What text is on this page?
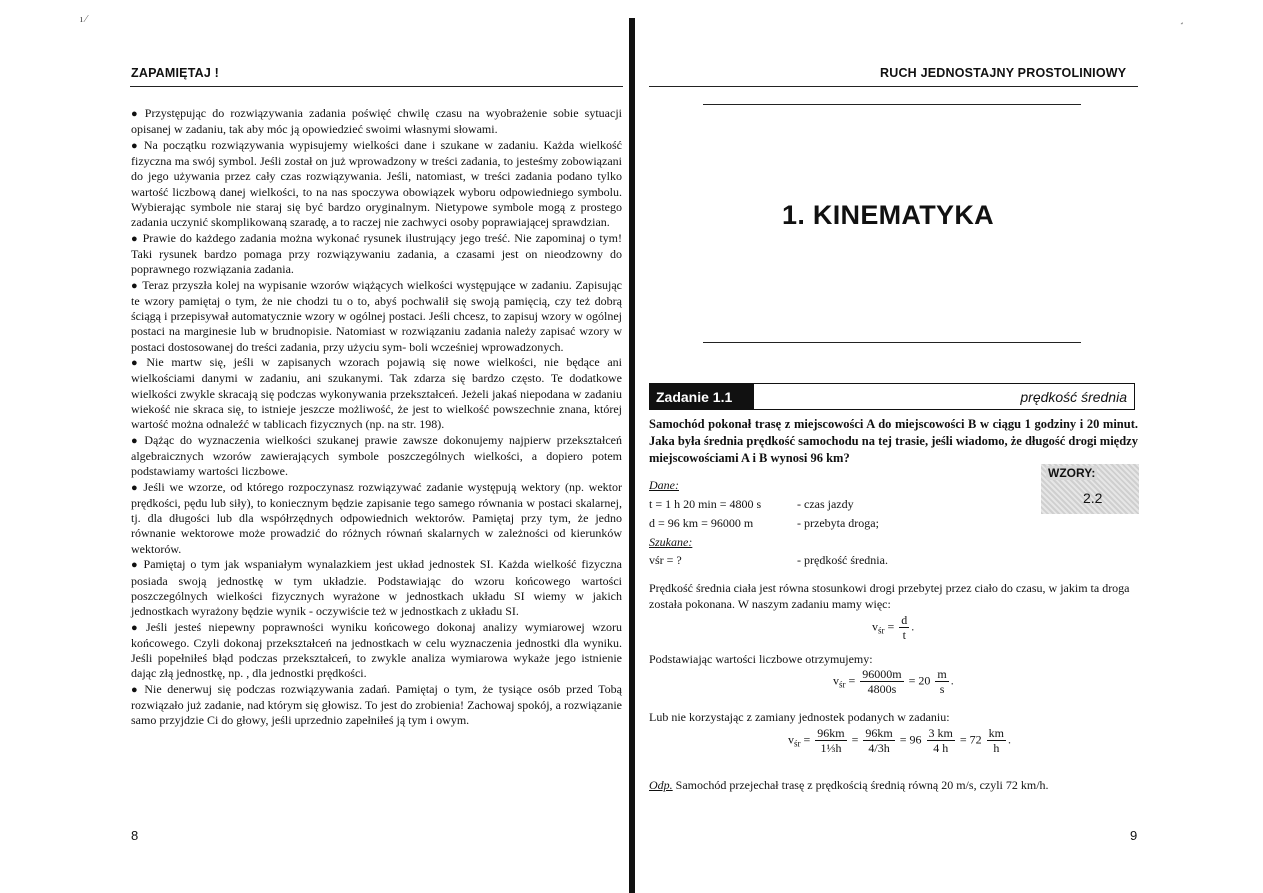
ı ⁄	˼
ZAPAMIĘTAJ !

● Przystępując do rozwiązywania zadania poświęć chwilę czasu na wyobrażenie sobie sytuacji opisanej w zadaniu, tak aby móc ją opowiedzieć swoimi własnymi słowami.

● Na początku rozwiązywania wypisujemy wielkości dane i szukane w zadaniu. Każda wielkość fizyczna ma swój symbol. Jeśli został on już wprowadzony w treści zadania, to jesteśmy zobowiązani do jego używania przez cały czas rozwiązywania. Jeśli, natomiast, w treści zadania podano tylko wartość liczbową danej wielkości, to na nas spoczywa obowiązek wyboru odpowiedniego symbolu. Wybierając symbole nie staraj się być bardzo oryginalnym. Nietypowe symbole mogą z prostego zadania uczynić skomplikowaną szaradę, a to raczej nie zachwyci osoby poprawiającej sprawdzian.

● Prawie do każdego zadania można wykonać rysunek ilustrujący jego treść. Nie zapominaj o tym! Taki rysunek bardzo pomaga przy rozwiązywaniu zadania, a czasami jest on nieodzowny do poprawnego rozwiązania zadania.

● Teraz przyszła kolej na wypisanie wzorów wiążących wielkości występujące w zadaniu. Zapisując te wzory pamiętaj o tym, że nie chodzi tu o to, abyś pochwalił się swoją pamięcią, czy też dobrą ściągą i przepisywał automatycznie wzory w ogólnej postaci. Jeśli chcesz, to zapisuj wzory w ogólnej postaci na marginesie lub w brudnopisie. Natomiast w rozwiązaniu zadania należy zapisać wzory w postaci dostosowanej do treści zadania, przy użyciu sym- boli wcześniej wprowadzonych.

● Nie martw się, jeśli w zapisanych wzorach pojawią się nowe wielkości, nie będące ani wielkościami danymi w zadaniu, ani szukanymi. Tak zdarza się bardzo często. Te dodatkowe wielkości zwykle skracają się podczas wykonywania przekształceń. Jeżeli jakaś niepodana w zadaniu wiekość nie skraca się, to istnieje jeszcze możliwość, że jest to wielkość powszechnie znana, której wartość można odnaleźć w tablicach fizycznych (np. na str. 198).

● Dążąc do wyznaczenia wielkości szukanej prawie zawsze dokonujemy najpierw przekształceń algebraicznych wzorów zawierających symbole poszczególnych wielkości, a dopiero potem podstawiamy wartości liczbowe.

● Jeśli we wzorze, od którego rozpoczynasz rozwiązywać zadanie występują wektory (np. wektor prędkości, pędu lub siły), to koniecznym będzie zapisanie tego samego równania w postaci skalarnej, tj. dla długości lub dla współrzędnych odpowiednich wektorów. Pamiętaj przy tym, że jedno równanie wektorowe może prowadzić do różnych równań skalarnych w zależności od kierunków wektorów.

● Pamiętaj o tym jak wspaniałym wynalazkiem jest układ jednostek SI. Każda wielkość fizyczna posiada swoją jednostkę w tym układzie. Podstawiając do wzoru końcowego wartości poszczególnych wielkości fizycznych wyrażone w jednostkach układu SI wiemy w jakich jednostkach wyrażony będzie wynik - oczywiście też w jednostkach z układu SI.

● Jeśli jesteś niepewny poprawności wyniku końcowego dokonaj analizy wymiarowej wzoru końcowego. Czyli dokonaj przekształceń na jednostkach w celu wyznaczenia jednostki dla wyniku. Jeśli popełniłeś błąd podczas przekształceń, to zwykle analiza wymiarowa wykaże jego istnienie dając złą jednostkę, np. , dla jednostki prędkości.

● Nie denerwuj się podczas rozwiązywania zadań. Pamiętaj o tym, że tysiące osób przed Tobą rozwiązało już zadanie, nad którym się głowisz. To jest do zrobienia! Zachowaj spokój, a rozwiązanie samo przyjdzie Ci do głowy, jeśli uprzednio zapełniłeś ją tym i owym.

8
RUCH JEDNOSTAJNY PROSTOLINIOWY
1. KINEMATYKA
Zadanie 1.1	prędkość średnia
Samochód pokonał trasę z miejscowości A do miejscowości B w ciągu 1 godziny i 20 minut. Jaka była średnia prędkość samochodu na tej trasie, jeśli wiadomo, że długość drogi między miejscowościami A i B wynosi 96 km?
WZORY:
2.2
Dane:
t = 1 h 20 min = 4800 s	- czas jazdy
d = 96 km = 96000 m	- przebyta droga;
Szukane:
vśr = ?	- prędkość średnia.
Prędkość średnia ciała jest równa stosunkowi drogi przebytej przez ciało do czasu, w jakim ta droga została pokonana. W naszym zadaniu mamy więc:
$v_{śr} = \frac{d}{t}$ .
Podstawiając wartości liczbowe otrzymujemy:
$v_{śr} = \frac{96000m}{4800s} = 20 \frac{m}{s}$ .
Lub nie korzystając z zamiany jednostek podanych w zadaniu:
$v_{śr} = \frac{96km}{\text{1⅓h}} = \frac{96km}{4/3h} = 96 \frac{3 km}{4 h} = 72 \frac{km}{h}$ .
Odp. Samochód przejechał trasę z prędkością średnią równą 20 m/s, czyli 72 km/h.
9
